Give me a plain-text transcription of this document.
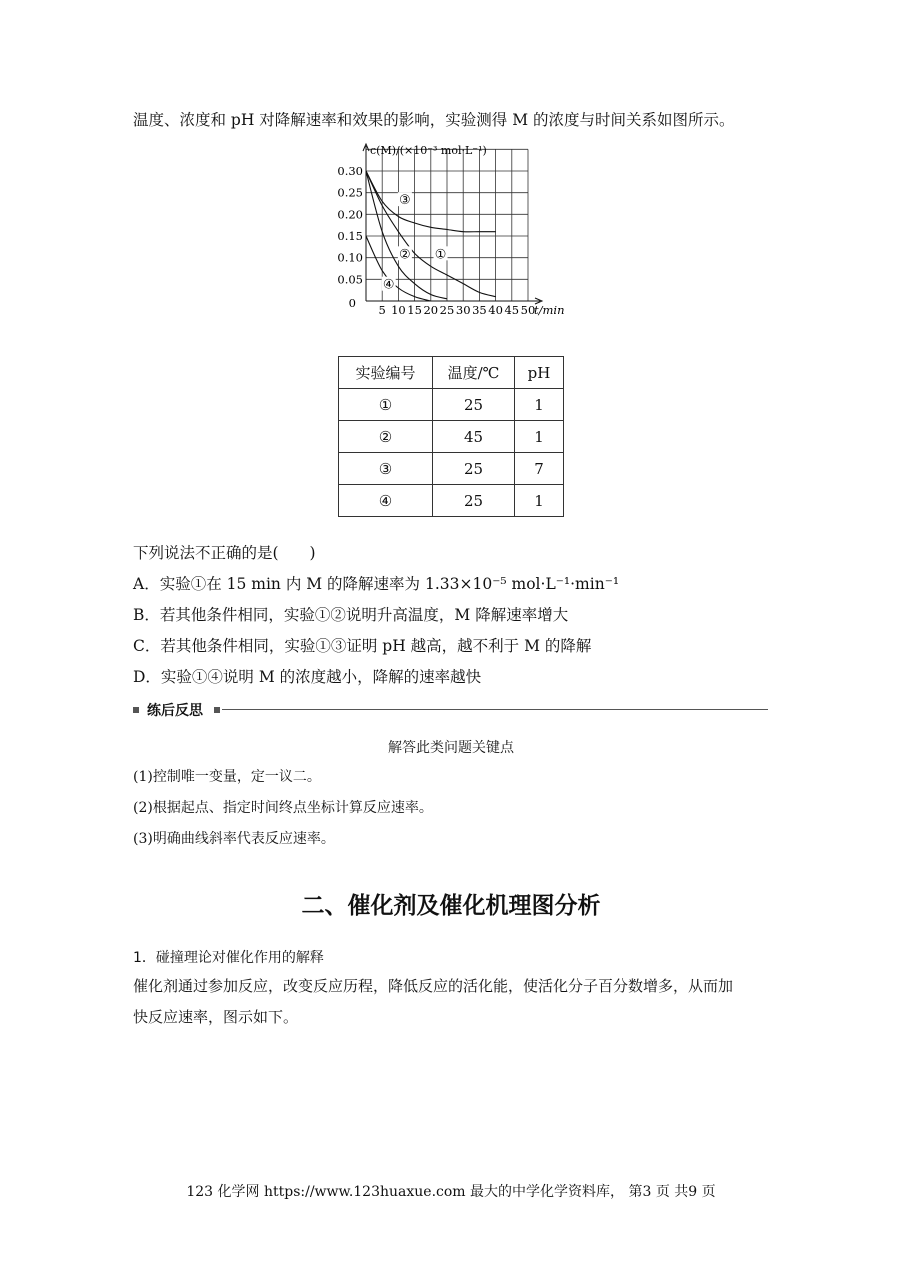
温度、浓度和 pH 对降解速率和效果的影响，实验测得 M 的浓度与时间关系如图所示。
0.05
0.10
0.15
0.20
0.25
0.30
0 5 10 15 20 25 30 35 40 45 50
t/min
c(M)/(×10⁻³ mol·L⁻¹)
①
②
③
④
实验编号	温度/℃	pH
①	25	1
②	45	1
③	25	7
④	25	1
下列说法不正确的是(　　)
A．实验①在 15 min 内 M 的降解速率为 1.33×10⁻⁵ mol·L⁻¹·min⁻¹
B．若其他条件相同，实验①②说明升高温度，M 降解速率增大
C．若其他条件相同，实验①③证明 pH 越高，越不利于 M 的降解
D．实验①④说明 M 的浓度越小，降解的速率越快
练后反思
解答此类问题关键点
(1)控制唯一变量，定一议二。
(2)根据起点、指定时间终点坐标计算反应速率。
(3)明确曲线斜率代表反应速率。
二、催化剂及催化机理图分析
1．碰撞理论对催化作用的解释
催化剂通过参加反应，改变反应历程，降低反应的活化能，使活化分子百分数增多，从而加
快反应速率，图示如下。
123 化学网 https://www.123huaxue.com 最大的中学化学资料库， 第3 页 共9 页
